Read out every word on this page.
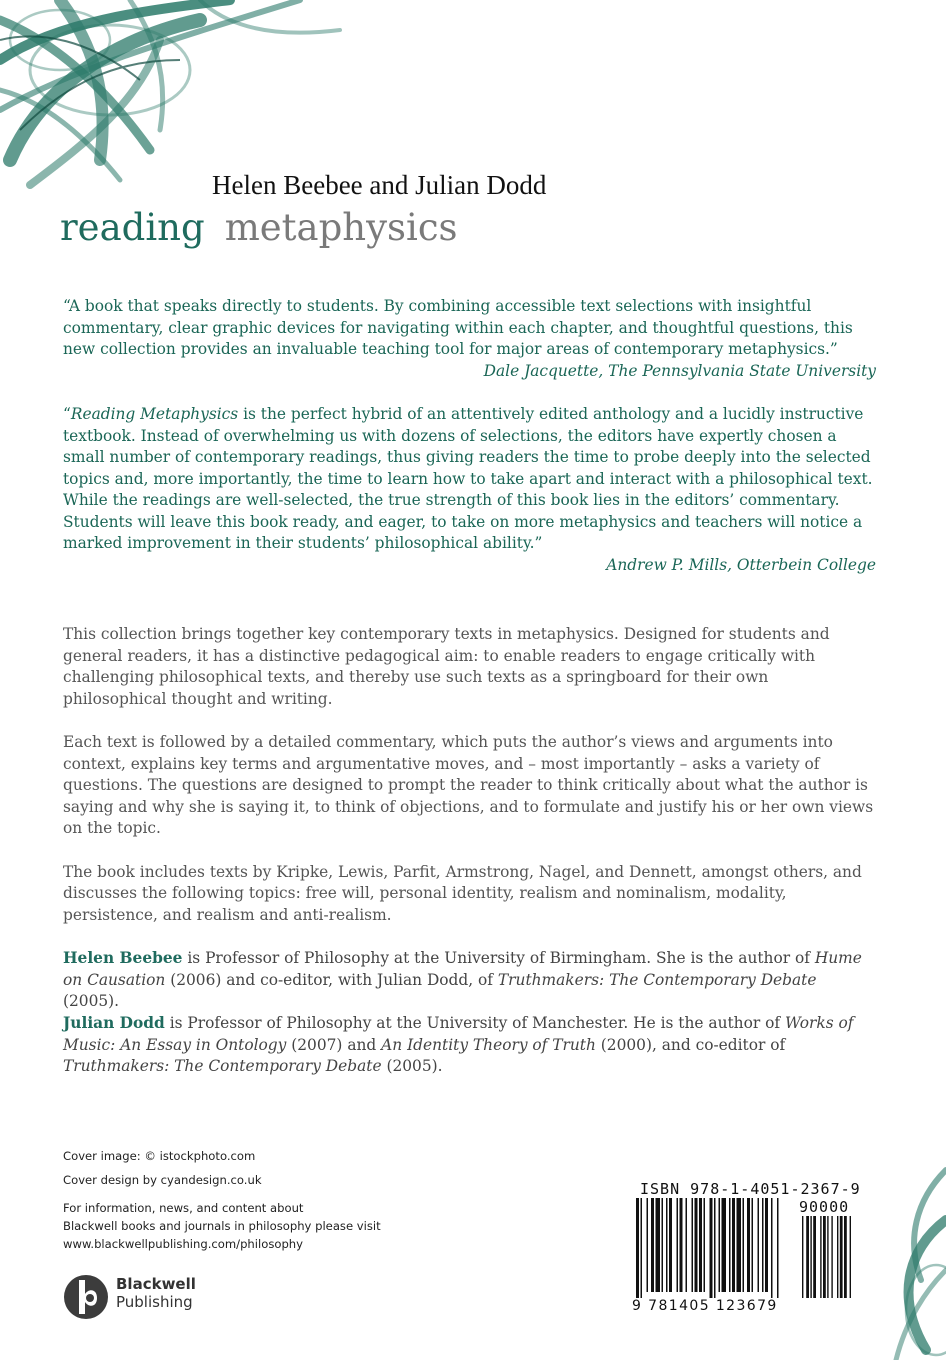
Helen Beebee and Julian Dodd
reading metaphysics

“A book that speaks directly to students. By combining accessible text selections with insightful commentary, clear graphic devices for navigating within each chapter, and thoughtful questions, this new collection provides an invaluable teaching tool for major areas of contemporary metaphysics.”

Dale Jacquette, The Pennsylvania State University

“Reading Metaphysics is the perfect hybrid of an attentively edited anthology and a lucidly instructive textbook. Instead of overwhelming us with dozens of selections, the editors have expertly chosen a small number of contemporary readings, thus giving readers the time to probe deeply into the selected topics and, more importantly, the time to learn how to take apart and interact with a philosophical text. While the readings are well-selected, the true strength of this book lies in the editors’ commentary. Students will leave this book ready, and eager, to take on more metaphysics and teachers will notice a marked improvement in their students’ philosophical ability.”

Andrew P. Mills, Otterbein College

This collection brings together key contemporary texts in metaphysics. Designed for students and general readers, it has a distinctive pedagogical aim: to enable readers to engage critically with challenging philosophical texts, and thereby use such texts as a springboard for their own philosophical thought and writing.

Each text is followed by a detailed commentary, which puts the author’s views and arguments into context, explains key terms and argumentative moves, and – most importantly – asks a variety of questions. The questions are designed to prompt the reader to think critically about what the author is saying and why she is saying it, to think of objections, and to formulate and justify his or her own views on the topic.

The book includes texts by Kripke, Lewis, Parfit, Armstrong, Nagel, and Dennett, amongst others, and discusses the following topics: free will, personal identity, realism and nominalism, modality, persistence, and realism and anti-realism.

Helen Beebee is Professor of Philosophy at the University of Birmingham. She is the author of Hume on Causation (2006) and co-editor, with Julian Dodd, of Truthmakers: The Contemporary Debate (2005).

Julian Dodd is Professor of Philosophy at the University of Manchester. He is the author of Works of Music: An Essay in Ontology (2007) and An Identity Theory of Truth (2000), and co-editor of Truthmakers: The Contemporary Debate (2005).

Cover image: © istockphoto.com
Cover design by cyandesign.co.uk
For information, news, and content about
Blackwell books and journals in philosophy please visit
www.blackwellpublishing.com/philosophy
Blackwell
Publishing
ISBN 978-1-4051-2367-9
90000
9 781405 123679
